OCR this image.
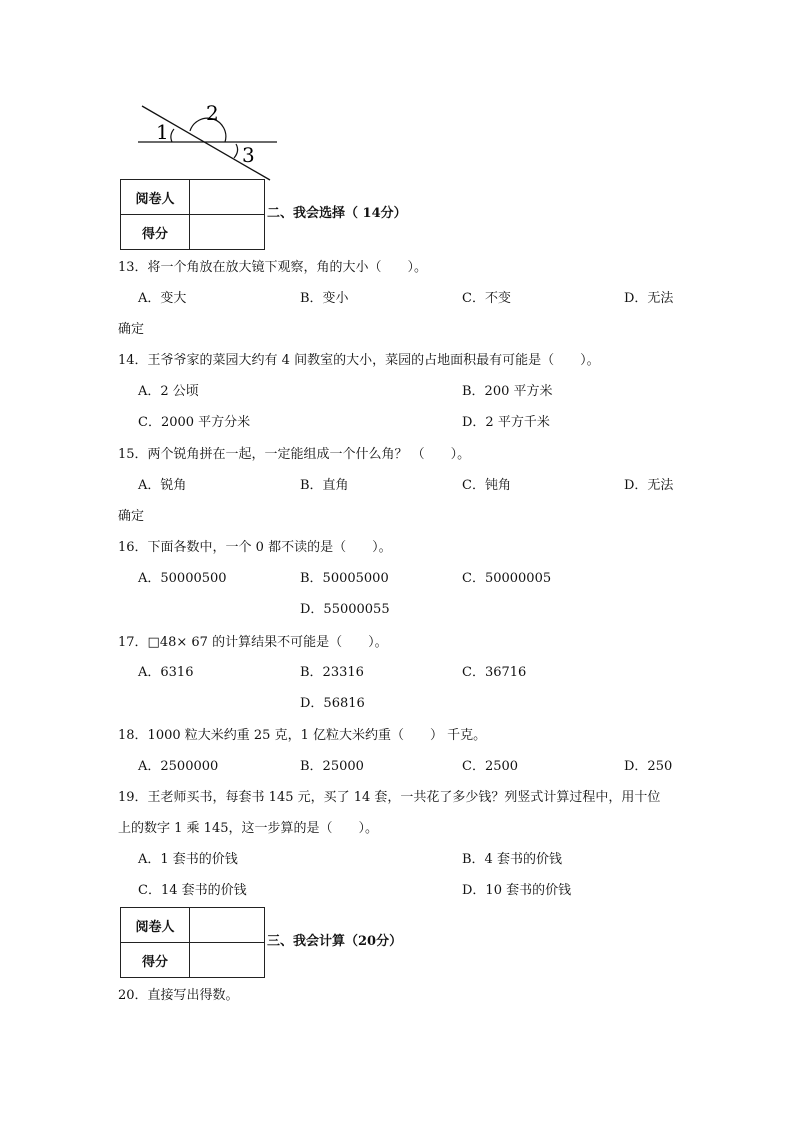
1
2
3
阅卷人	
得分	
二、我会选择（ 14分）
13．将一个角放在放大镜下观察，角的大小（　　）。
A．变大	B．变小	C．不变	D．无法
确定
14．王爷爷家的菜园大约有 4 间教室的大小，菜园的占地面积最有可能是（　　）。
A．2 公顷	B．200 平方米
C．2000 平方分米	D．2 平方千米
15．两个锐角拼在一起，一定能组成一个什么角？ （　　）。
A．锐角	B．直角	C．钝角	D．无法
确定
16．下面各数中，一个 0 都不读的是（　　）。
A．50000500	B．50005000	C．50000005
D．55000055
17．□48× 67 的计算结果不可能是（　　）。
A．6316	B．23316	C．36716
D．56816
18．1000 粒大米约重 25 克，1 亿粒大米约重（　　） 千克。
A．2500000	B．25000	C．2500	D．250
19．王老师买书，每套书 145 元，买了 14 套，一共花了多少钱？列竖式计算过程中，用十位
上的数字 1 乘 145，这一步算的是（　　）。
A．1 套书的价钱	B．4 套书的价钱
C．14 套书的价钱	D．10 套书的价钱
阅卷人	
得分	
三、我会计算（20分）
20．直接写出得数。
